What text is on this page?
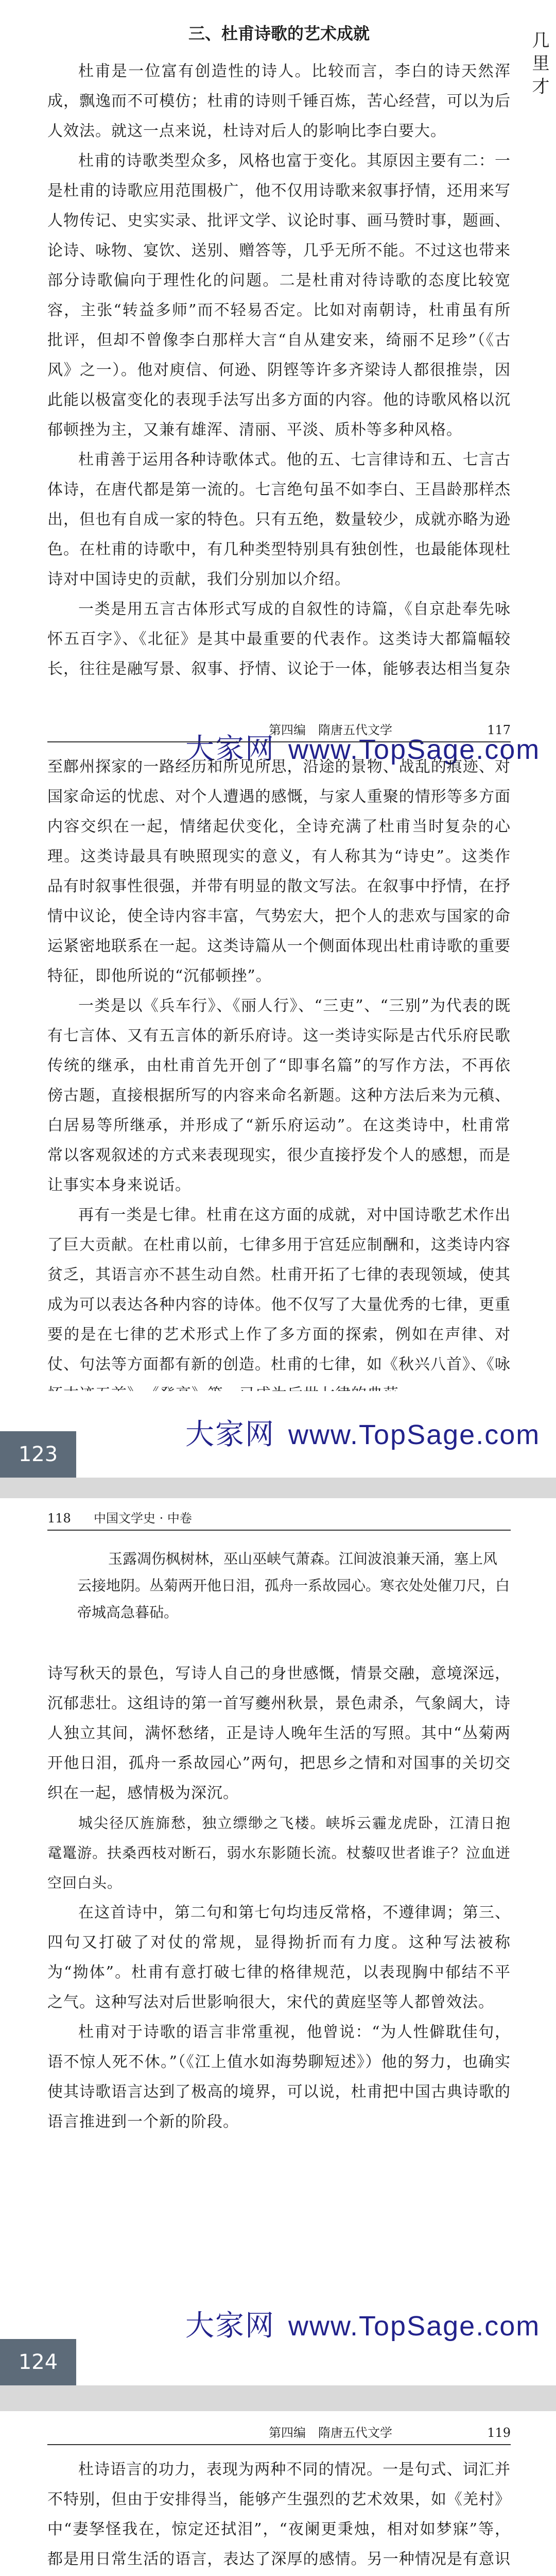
几 里 才
三、杜甫诗歌的艺术成就

杜甫是一位富有创造性的诗人。比较而言，李白的诗天然浑成，飘逸而不可模仿；杜甫的诗则千锤百炼，苦心经营，可以为后人效法。就这一点来说，杜诗对后人的影响比李白要大。

杜甫的诗歌类型众多，风格也富于变化。其原因主要有二：一是杜甫的诗歌应用范围极广，他不仅用诗歌来叙事抒情，还用来写人物传记、史实实录、批评文学、议论时事、画马赞时事，题画、论诗、咏物、宴饮、送别、赠答等，几乎无所不能。不过这也带来部分诗歌偏向于理性化的问题。二是杜甫对待诗歌的态度比较宽容，主张“转益多师”而不轻易否定。比如对南朝诗，杜甫虽有所批评，但却不曾像李白那样大言“自从建安来，绮丽不足珍”（《古风》之一）。他对庾信、何逊、阴铿等许多齐梁诗人都很推崇，因此能以极富变化的表现手法写出多方面的内容。他的诗歌风格以沉郁顿挫为主，又兼有雄浑、清丽、平淡、质朴等多种风格。

杜甫善于运用各种诗歌体式。他的五、七言律诗和五、七言古体诗，在唐代都是第一流的。七言绝句虽不如李白、王昌龄那样杰出，但也有自成一家的特色。只有五绝，数量较少，成就亦略为逊色。在杜甫的诗歌中，有几种类型特别具有独创性，也最能体现杜诗对中国诗史的贡献，我们分别加以介绍。

一类是用五言古体形式写成的自叙性的诗篇，《自京赴奉先咏怀五百字》、《北征》是其中最重要的代表作。这类诗大都篇幅较长，往往是融写景、叙事、抒情、议论于一体，能够表达相当复杂

大家网 www.TopSage.com
第四编　隋唐五代文学	117

至鄜州探家的一路经历和所见所思，沿途的景物、战乱的痕迹、对国家命运的忧虑、对个人遭遇的感慨，与家人重聚的情形等多方面内容交织在一起，情绪起伏变化，全诗充满了杜甫当时复杂的心理。这类诗最具有映照现实的意义，有人称其为“诗史”。这类作品有时叙事性很强，并带有明显的散文写法。在叙事中抒情，在抒情中议论，使全诗内容丰富，气势宏大，把个人的悲欢与国家的命运紧密地联系在一起。这类诗篇从一个侧面体现出杜甫诗歌的重要特征，即他所说的“沉郁顿挫”。

一类是以《兵车行》、《丽人行》、“三吏”、“三别”为代表的既有七言体、又有五言体的新乐府诗。这一类诗实际是古代乐府民歌传统的继承，由杜甫首先开创了“即事名篇”的写作方法，不再依傍古题，直接根据所写的内容来命名新题。这种方法后来为元稹、白居易等所继承，并形成了“新乐府运动”。在这类诗中，杜甫常常以客观叙述的方式来表现现实，很少直接抒发个人的感想，而是让事实本身来说话。

再有一类是七律。杜甫在这方面的成就，对中国诗歌艺术作出了巨大贡献。在杜甫以前，七律多用于宫廷应制酬和，这类诗内容贫乏，其语言亦不甚生动自然。杜甫开拓了七律的表现领域，使其成为可以表达各种内容的诗体。他不仅写了大量优秀的七律，更重要的是在七律的艺术形式上作了多方面的探索，例如在声律、对仗、句法等方面都有新的创造。杜甫的七律，如《秋兴八首》、《咏

大家网 www.TopSage.com
123
118 中国文学史 · 中卷

玉露凋伤枫树林，巫山巫峡气萧森。江间波浪兼天涌，塞上风云接地阴。丛菊两开他日泪，孤舟一系故园心。寒衣处处催刀尺，白帝城高急暮砧。

诗写秋天的景色，写诗人自己的身世感慨，情景交融，意境深远，沉郁悲壮。这组诗的第一首写夔州秋景，景色肃杀，气象阔大，诗人独立其间，满怀愁绪，正是诗人晚年生活的写照。其中“丛菊两开他日泪，孤舟一系故园心”两句，把思乡之情和对国事的关切交织在一起，感情极为深沉。

城尖径仄旌旆愁，独立缥缈之飞楼。峡坼云霾龙虎卧，江清日抱鼋鼍游。扶桑西枝对断石，弱水东影随长流。杖藜叹世者谁子？泣血迸空回白头。

在这首诗中，第二句和第七句均违反常格，不遵律调；第三、四句又打破了对仗的常规，显得拗折而有力度。这种写法被称为“拗体”。杜甫有意打破七律的格律规范，以表现胸中郁结不平之气。这种写法对后世影响很大，宋代的黄庭坚等人都曾效法。

杜甫对于诗歌的语言非常重视，他曾说：“为人性僻耽佳句，语不惊人死不休。”（《江上值水如海势聊短述》）他的努力，也确实使其诗歌语言达到了极高的境界，可以说，杜甫把中国古典诗歌的语言推进到一个新的阶段。

大家网 www.TopSage.com
124
第四编　隋唐五代文学	119

杜诗语言的功力，表现为两种不同的情况。一是句式、词汇并不特别，但由于安排得当，能够产生强烈的艺术效果，如《羌村》中“妻孥怪我在，惊定还拭泪”，“夜阑更秉烛，相对如梦寐”等，都是用日常生活的语言，表达了深厚的感情。另一种情况是有意识
